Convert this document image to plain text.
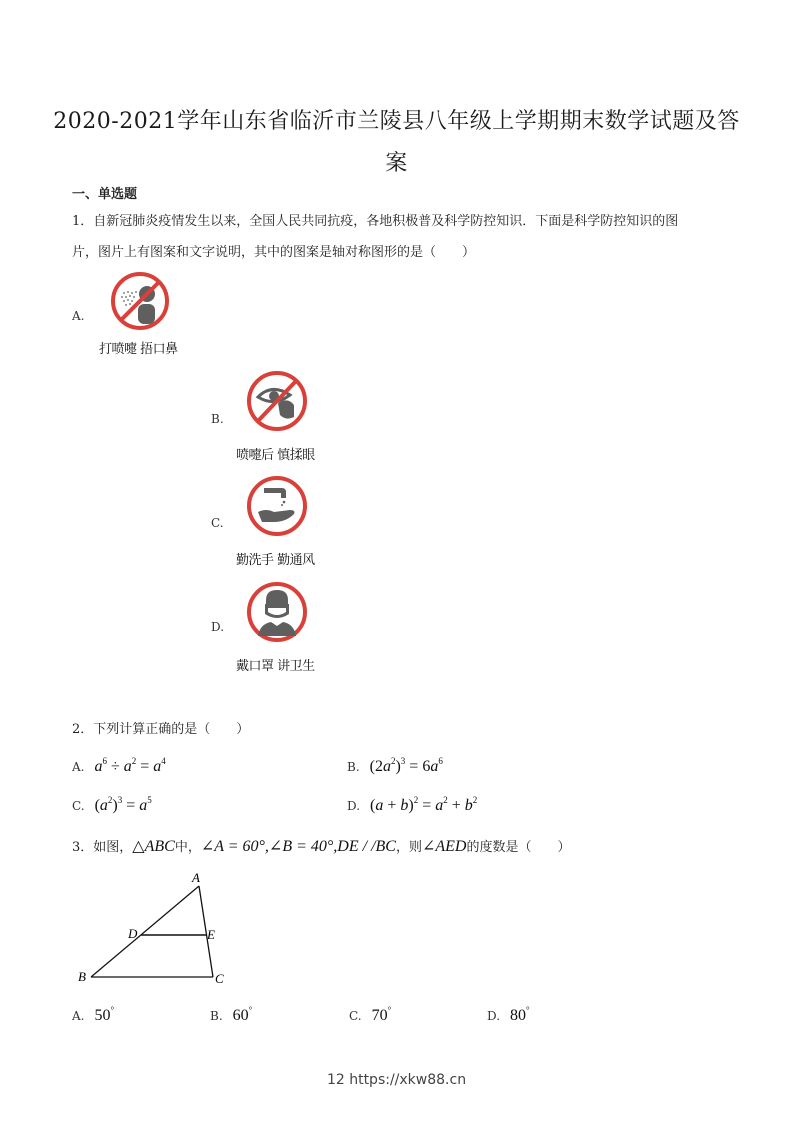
2020-2021学年山东省临沂市兰陵县八年级上学期期末数学试题及答
案
一、单选题
1．自新冠肺炎疫情发生以来，全国人民共同抗疫，各地积极普及科学防控知识．下面是科学防控知识的图
片，图片上有图案和文字说明，其中的图案是轴对称图形的是（　　）
A.
打喷嚏 捂口鼻
B.
喷嚏后 慎揉眼
C.
勤洗手 勤通风
D.
戴口罩 讲卫生
2．下列计算正确的是（　　）
A. $a^6 \div a^2 = a^4$	B. $(2a^2)^3 = 6a^6$
C. $(a^2)^3 = a^5$	D. $(a + b)^2 = a^2 + b^2$
3．如图， △ABC 中， ∠A = 60°,∠B = 40°,DE / /BC ，则 ∠AED 的度数是（　　）
A
B	C
D	E
A. 50°	B. 60°	C. 70°	D. 80°
12 https://xkw88.cn
